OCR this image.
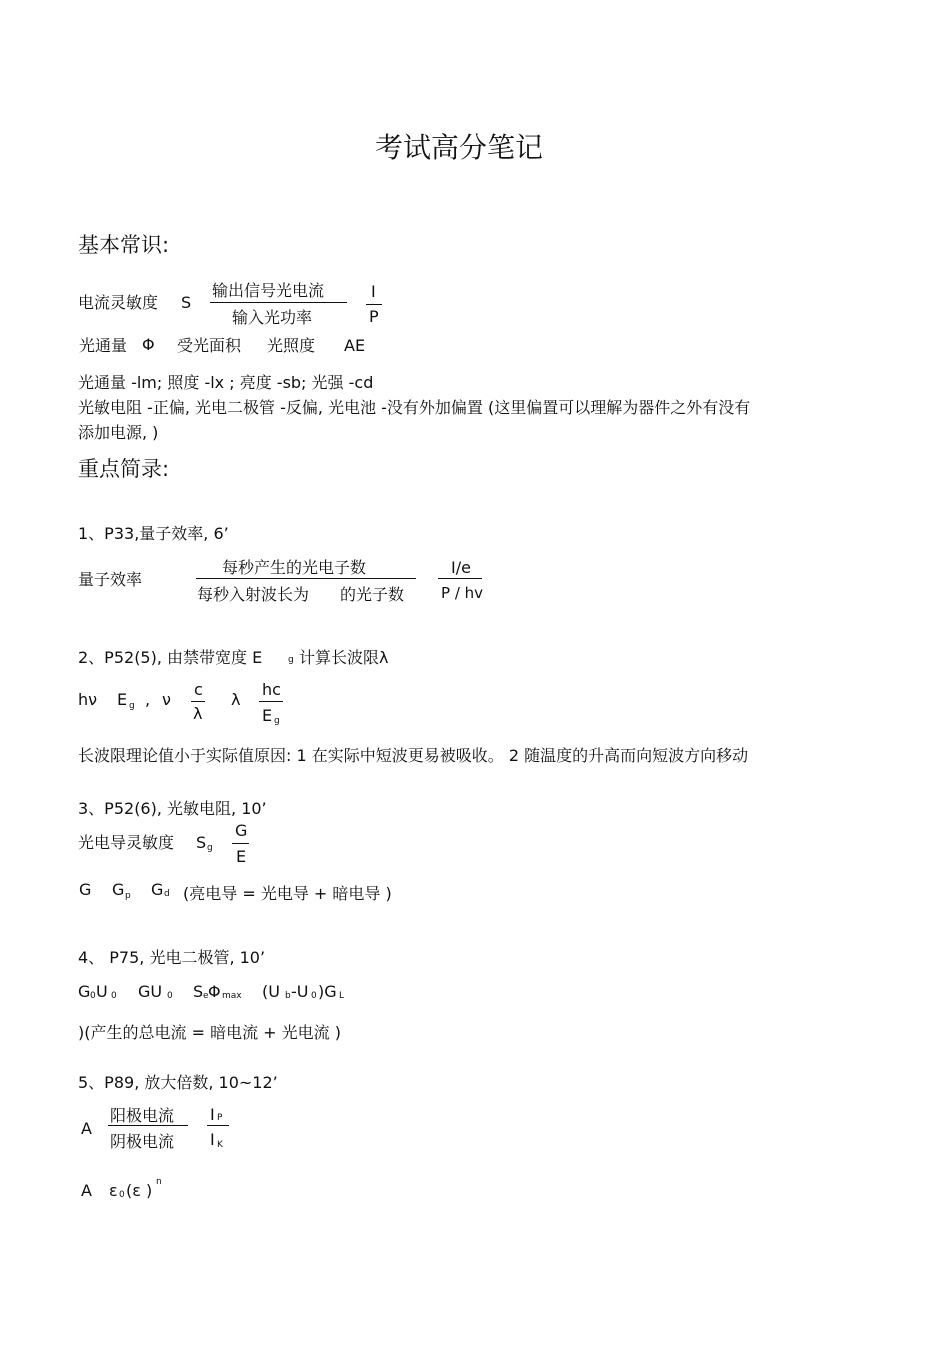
考试高分笔记
基本常识:
电流灵敏度 S
输出信号光电流
输入光功率
I
P
光通量 Φ 受光面积 光照度 AE
光通量 -lm; 照度 -lx ; 亮度 -sb; 光强 -cd
光敏电阻 -正偏, 光电二极管 -反偏, 光电池 -没有外加偏置 (这里偏置可以理解为器件之外有没有
添加电源, )
重点简录:
1、P33,量子效率, 6’
量子效率
每秒产生的光电子数
每秒入射波长为 的光子数
I/e
P / hv
2、P52(5), 由禁带宽度 E	g 计算长波限λ
hν E g , ν
c
λ
λ
hc
E g
长波限理论值小于实际值原因: 1 在实际中短波更易被吸收。 2 随温度的升高而向短波方向移动
3、P52(6), 光敏电阻, 10’
光电导灵敏度 S g
G
E
G G p G d (亮电导 = 光电导 + 暗电导 )
4、 P75, 光电二极管, 10’
G 0 U 0 GU 0 S e Φ max (U b -U 0 )G L
)(产生的总电流 = 暗电流 + 光电流 )
5、P89, 放大倍数, 10~12’
A
阳极电流
阴极电流
I P
I K
A ε 0 (ε ) n
